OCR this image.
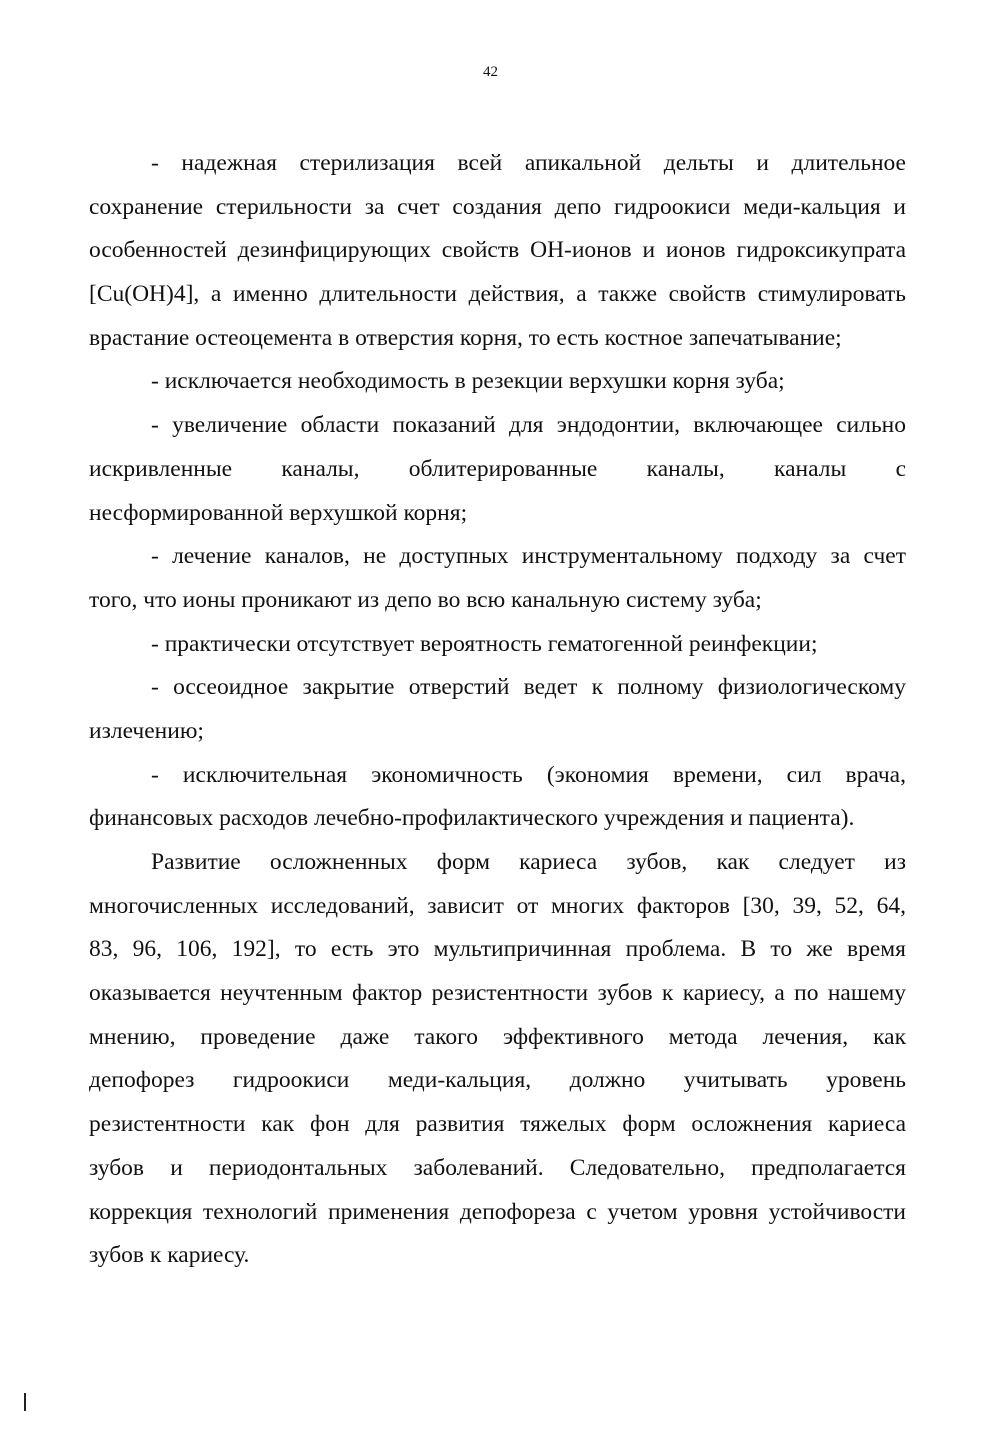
42
- надежная стерилизация всей апикальной дельты и длительное
сохранение стерильности за счет создания депо гидроокиси меди-кальция и
особенностей дезинфицирующих свойств ОН-ионов и ионов гидроксикупрата
[Cu(OH)4], а именно длительности действия, а также свойств стимулировать
врастание остеоцемента в отверстия корня, то есть костное запечатывание;
- исключается необходимость в резекции верхушки корня зуба;
- увеличение области показаний для эндодонтии, включающее сильно
искривленные каналы, облитерированные каналы, каналы с
несформированной верхушкой корня;
- лечение каналов, не доступных инструментальному подходу за счет
того, что ионы проникают из депо во всю канальную систему зуба;
- практически отсутствует вероятность гематогенной реинфекции;
- оссеоидное закрытие отверстий ведет к полному физиологическому
излечению;
- исключительная экономичность (экономия времени, сил врача,
финансовых расходов лечебно-профилактического учреждения и пациента).
Развитие осложненных форм кариеса зубов, как следует из
многочисленных исследований, зависит от многих факторов [30, 39, 52, 64,
83, 96, 106, 192], то есть это мультипричинная проблема. В то же время
оказывается неучтенным фактор резистентности зубов к кариесу, а по нашему
мнению, проведение даже такого эффективного метода лечения, как
депофорез гидроокиси меди-кальция, должно учитывать уровень
резистентности как фон для развития тяжелых форм осложнения кариеса
зубов и периодонтальных заболеваний. Следовательно, предполагается
коррекция технологий применения депофореза с учетом уровня устойчивости
зубов к кариесу.
